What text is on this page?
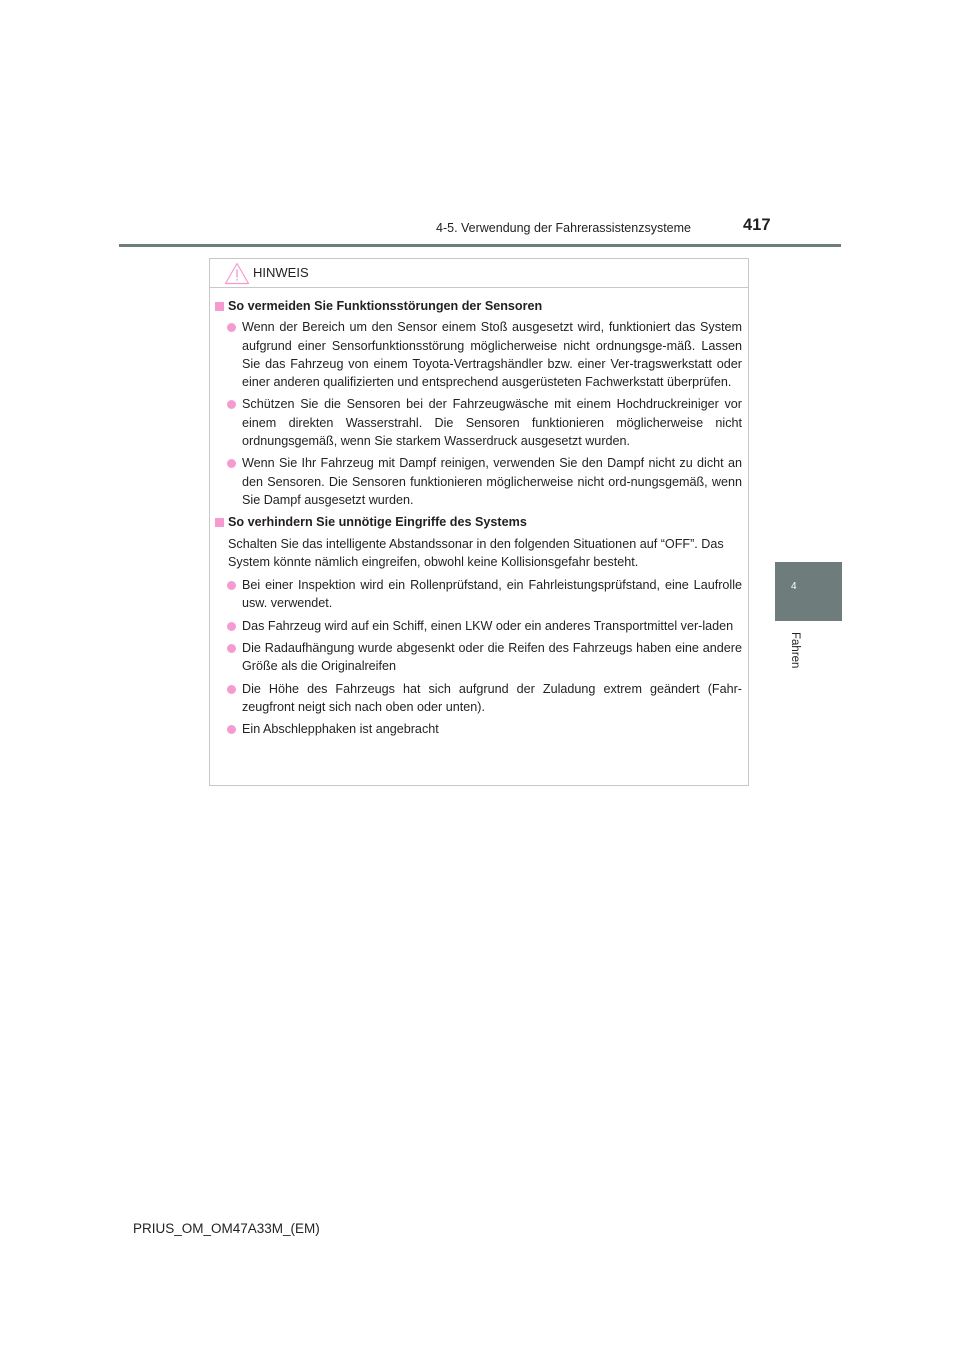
4-5. Verwendung der Fahrerassistenzsysteme	417
4
Fahren
HINWEIS
So vermeiden Sie Funktionsstörungen der Sensoren
Wenn der Bereich um den Sensor einem Stoß ausgesetzt wird, funktioniert das System aufgrund einer Sensorfunktionsstörung möglicherweise nicht ordnungsge-mäß. Lassen Sie das Fahrzeug von einem Toyota-Vertragshändler bzw. einer Ver-tragswerkstatt oder einer anderen qualifizierten und entsprechend ausgerüsteten Fachwerkstatt überprüfen.
Schützen Sie die Sensoren bei der Fahrzeugwäsche mit einem Hochdruckreiniger vor einem direkten Wasserstrahl. Die Sensoren funktionieren möglicherweise nicht ordnungsgemäß, wenn Sie starkem Wasserdruck ausgesetzt wurden.
Wenn Sie Ihr Fahrzeug mit Dampf reinigen, verwenden Sie den Dampf nicht zu dicht an den Sensoren. Die Sensoren funktionieren möglicherweise nicht ord-nungsgemäß, wenn Sie Dampf ausgesetzt wurden.
So verhindern Sie unnötige Eingriffe des Systems
Schalten Sie das intelligente Abstandssonar in den folgenden Situationen auf “OFF”. Das System könnte nämlich eingreifen, obwohl keine Kollisionsgefahr besteht.
Bei einer Inspektion wird ein Rollenprüfstand, ein Fahrleistungsprüfstand, eine Laufrolle usw. verwendet.
Das Fahrzeug wird auf ein Schiff, einen LKW oder ein anderes Transportmittel ver-laden
Die Radaufhängung wurde abgesenkt oder die Reifen des Fahrzeugs haben eine andere Größe als die Originalreifen
Die Höhe des Fahrzeugs hat sich aufgrund der Zuladung extrem geändert (Fahr-zeugfront neigt sich nach oben oder unten).
Ein Abschlepphaken ist angebracht
PRIUS_OM_OM47A33M_(EM)
